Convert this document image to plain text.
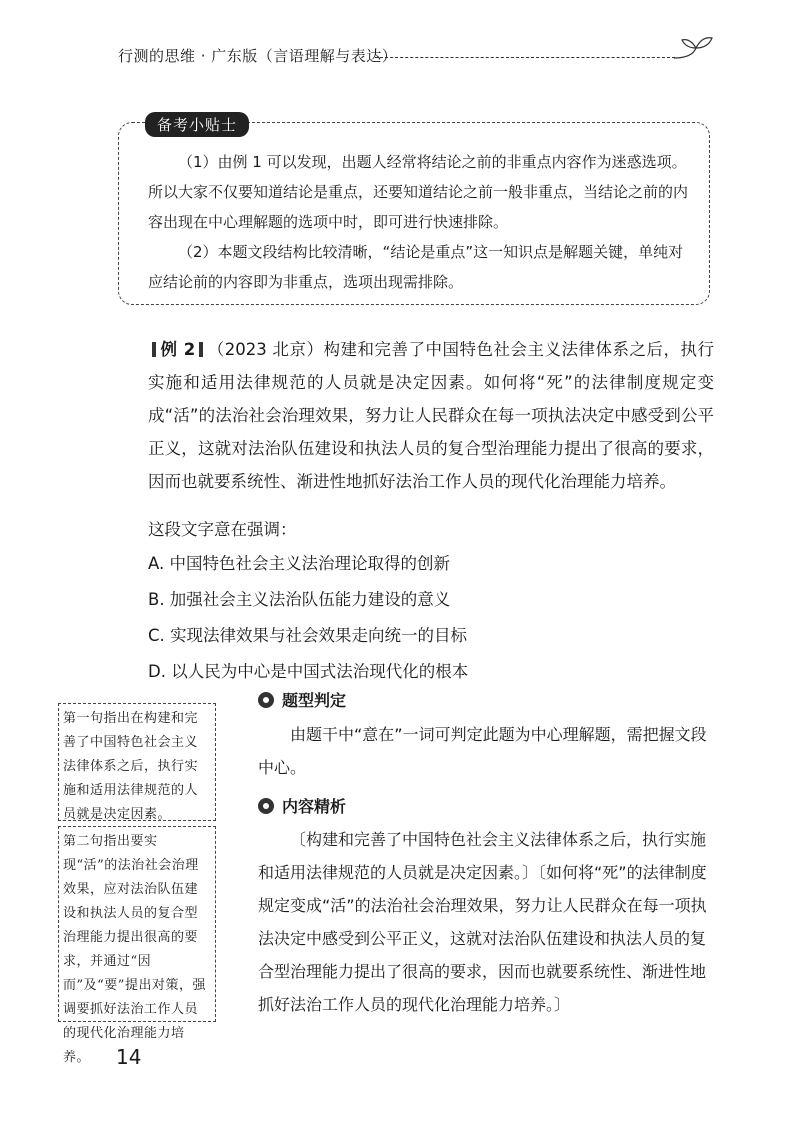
行测的思维 · 广东版（言语理解与表达）
备考小贴士

（1）由例 1 可以发现，出题人经常将结论之前的非重点内容作为迷惑选项。所以大家不仅要知道结论是重点，还要知道结论之前一般非重点，当结论之前的内容出现在中心理解题的选项中时，即可进行快速排除。

（2）本题文段结构比较清晰，“结论是重点”这一知识点是解题关键，单纯对应结论前的内容即为非重点，选项出现需排除。

例 2 （2023 北京）构建和完善了中国特色社会主义法律体系之后，执行实施和适用法律规范的人员就是决定因素。如何将“死”的法律制度规定变成“活”的法治社会治理效果，努力让人民群众在每一项执法决定中感受到公平正义，这就对法治队伍建设和执法人员的复合型治理能力提出了很高的要求，因而也就要系统性、渐进性地抓好法治工作人员的现代化治理能力培养。

这段文字意在强调：
A. 中国特色社会主义法治理论取得的创新
B. 加强社会主义法治队伍能力建设的意义
C. 实现法律效果与社会效果走向统一的目标
D. 以人民为中心是中国式法治现代化的根本
题型判定

由题干中“意在”一词可判定此题为中心理解题，需把握文段中心。

内容精析

〔构建和完善了中国特色社会主义法律体系之后，执行实施和适用法律规范的人员就是决定因素。〕〔如何将“死”的法律制度规定变成“活”的法治社会治理效果，努力让人民群众在每一项执法决定中感受到公平正义，这就对法治队伍建设和执法人员的复合型治理能力提出了很高的要求，因而也就要系统性、渐进性地抓好法治工作人员的现代化治理能力培养。〕

第一句指出在构建和完善了中国特色社会主义法律体系之后，执行实施和适用法律规范的人员就是决定因素。
第二句指出要实现“活”的法治社会治理效果，应对法治队伍建设和执法人员的复合型治理能力提出很高的要求，并通过“因而”及“要”提出对策，强调要抓好法治工作人员的现代化治理能力培养。	14
